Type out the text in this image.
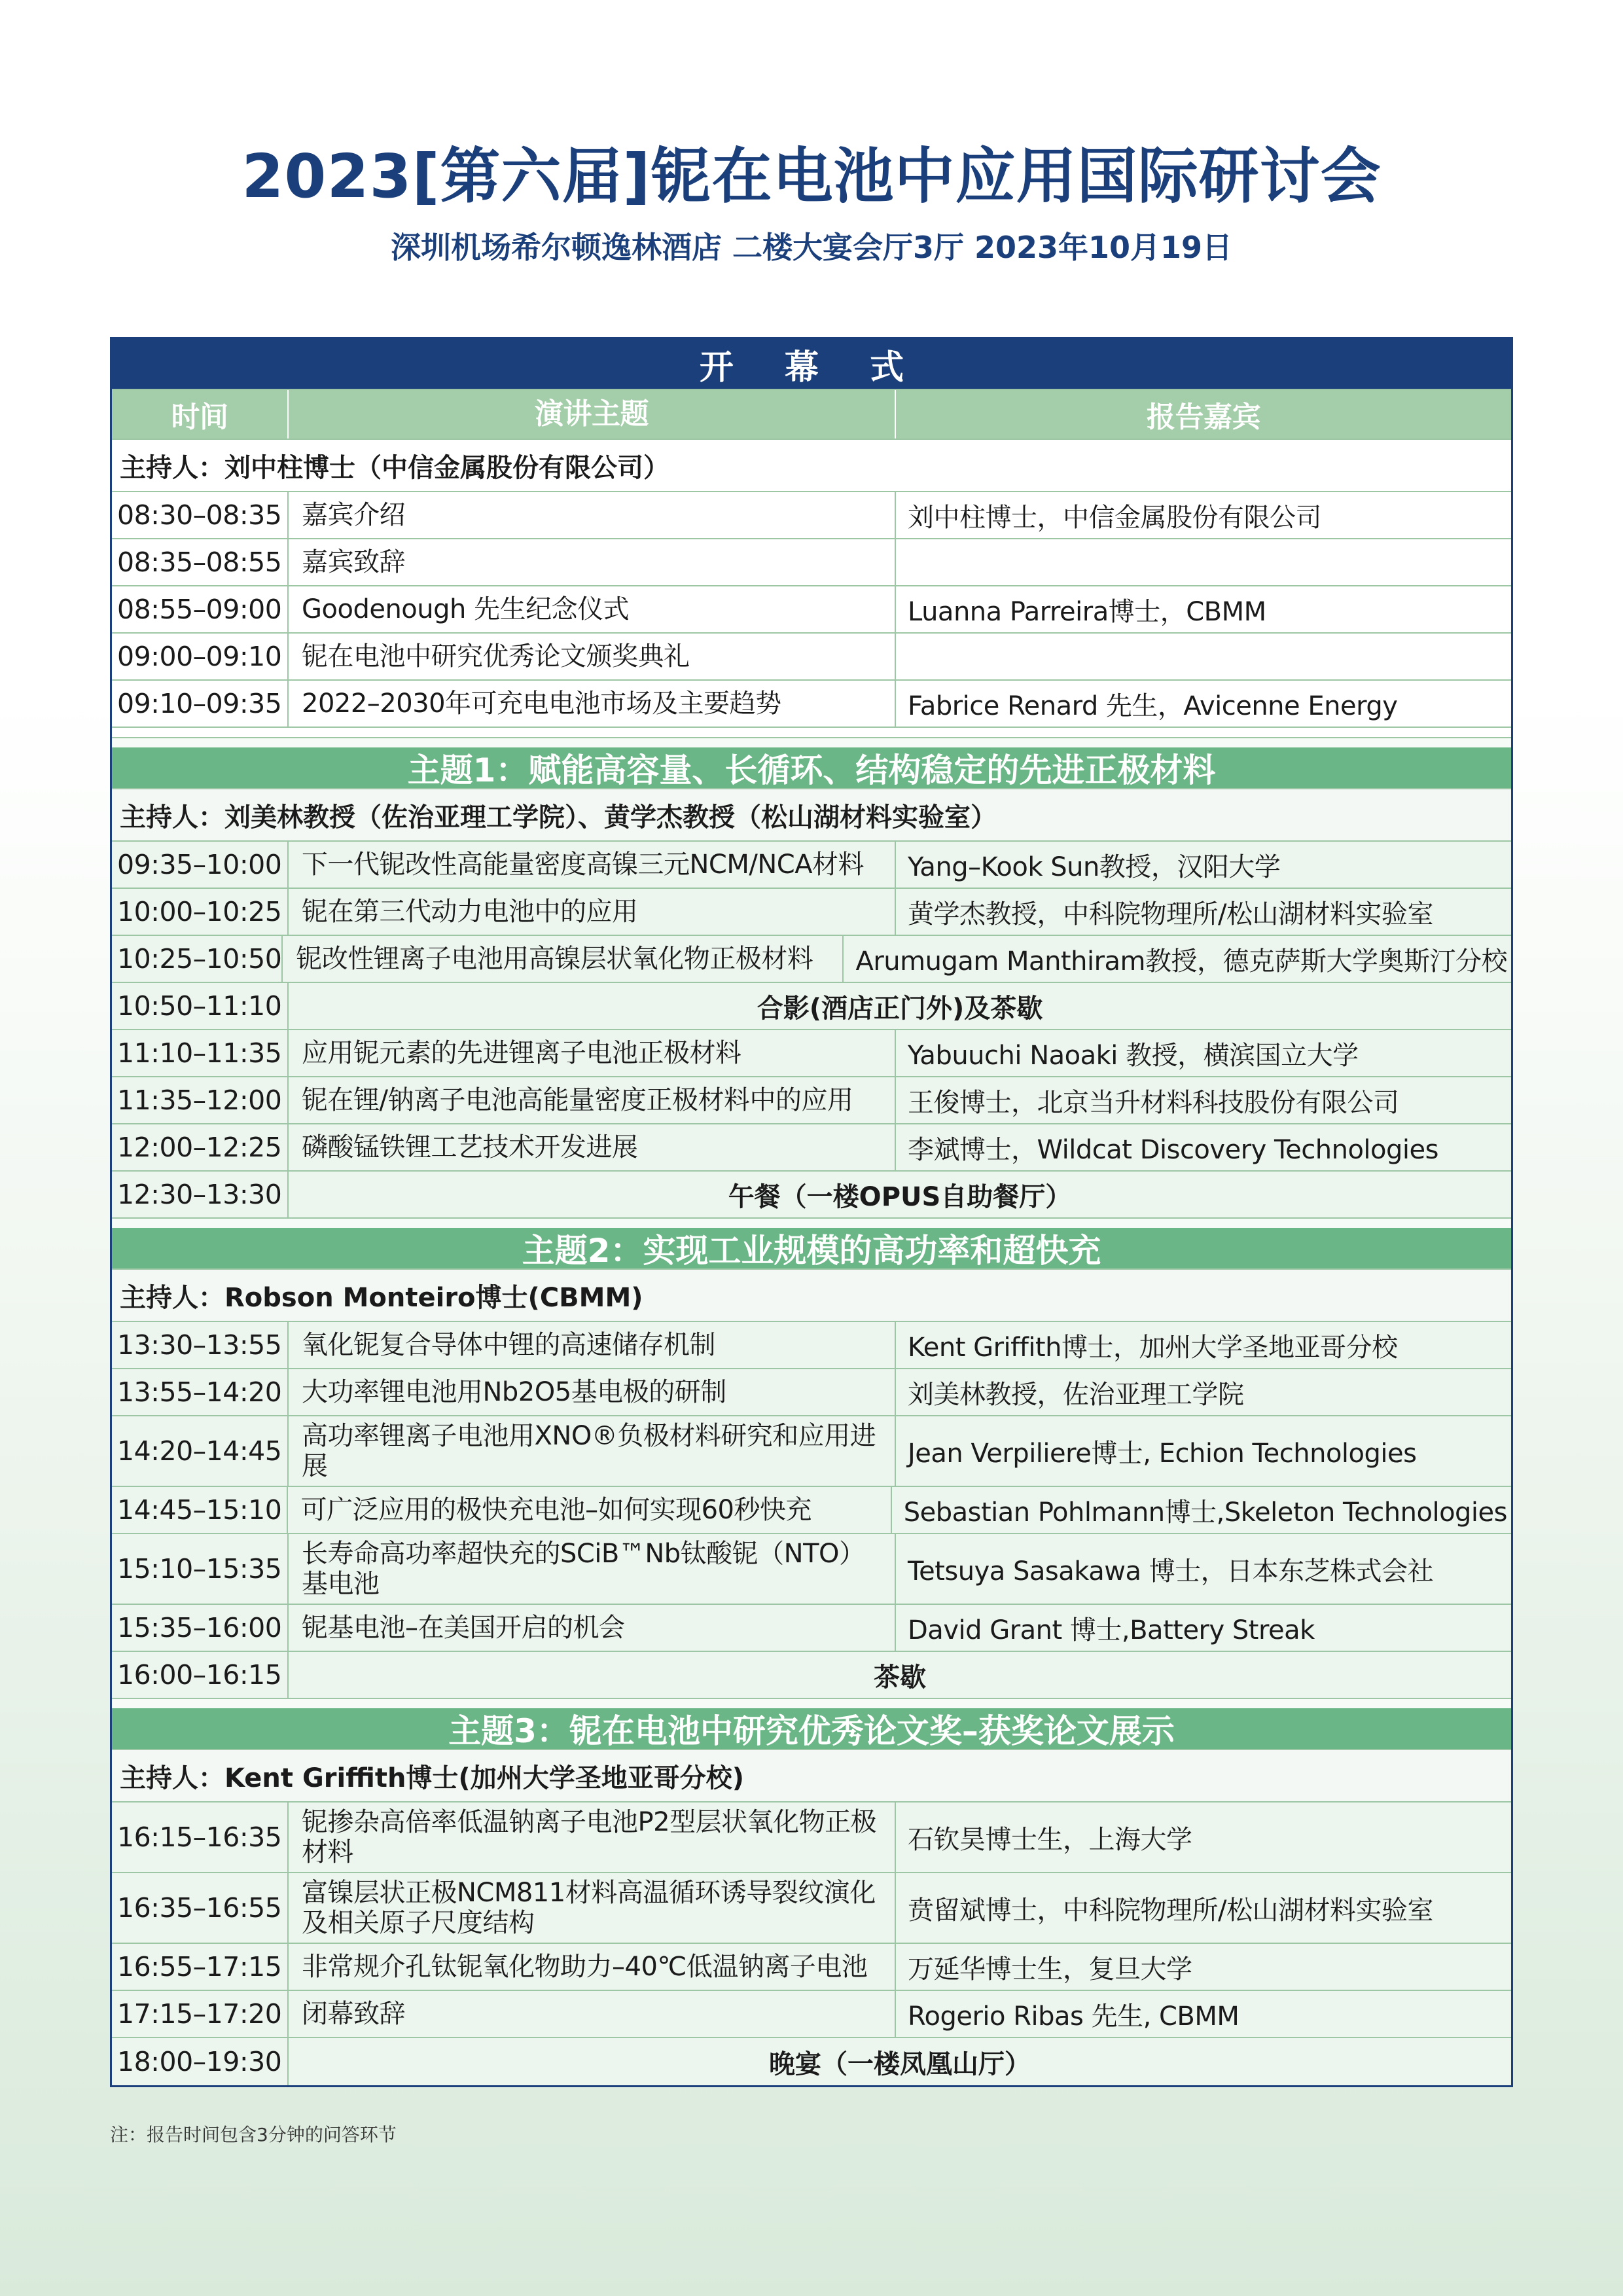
2023[第六届]铌在电池中应用国际研讨会
深圳机场希尔顿逸林酒店 二楼大宴会厅3厅 2023年10月19日
开 幕 式
时间	演讲主题	报告嘉宾
主持人：刘中柱博士（中信金属股份有限公司）
08:30–08:35 嘉宾介绍	刘中柱博士，中信金属股份有限公司
08:35–08:55 嘉宾致辞
08:55–09:00 Goodenough 先生纪念仪式	Luanna Parreira博士，CBMM
09:00–09:10 铌在电池中研究优秀论文颁奖典礼
09:10–09:35 2022–2030年可充电电池市场及主要趋势	Fabrice Renard 先生，Avicenne Energy
主题1：赋能高容量、长循环、结构稳定的先进正极材料
主持人：刘美林教授（佐治亚理工学院）、黄学杰教授（松山湖材料实验室）
09:35–10:00 下一代铌改性高能量密度高镍三元NCM/NCA材料	Yang–Kook Sun教授，汉阳大学
10:00–10:25 铌在第三代动力电池中的应用	黄学杰教授，中科院物理所/松山湖材料实验室
10:25–10:50 铌改性锂离子电池用高镍层状氧化物正极材料	Arumugam Manthiram教授，德克萨斯大学奥斯汀分校
10:50–11:10	合影(酒店正门外)及茶歇
11:10–11:35 应用铌元素的先进锂离子电池正极材料	Yabuuchi Naoaki 教授，横滨国立大学
11:35–12:00 铌在锂/钠离子电池高能量密度正极材料中的应用	王俊博士，北京当升材料科技股份有限公司
12:00–12:25 磷酸锰铁锂工艺技术开发进展	李斌博士，Wildcat Discovery Technologies
12:30–13:30	午餐（一楼OPUS自助餐厅）
主题2：实现工业规模的高功率和超快充
主持人：Robson Monteiro博士(CBMM)
13:30–13:55 氧化铌复合导体中锂的高速储存机制	Kent Griffith博士，加州大学圣地亚哥分校
13:55–14:20 大功率锂电池用Nb2O5基电极的研制	刘美林教授，佐治亚理工学院
14:20–14:45 高功率锂离子电池用XNO®负极材料研究和应用进展	Jean Verpiliere博士, Echion Technologies
14:45–15:10 可广泛应用的极快充电池–如何实现60秒快充	Sebastian Pohlmann博士,Skeleton Technologies
15:10–15:35 长寿命高功率超快充的SCiB™Nb钛酸铌（NTO）基电池	Tetsuya Sasakawa 博士，日本东芝株式会社
15:35–16:00 铌基电池–在美国开启的机会	David Grant 博士,Battery Streak
16:00–16:15	茶歇
主题3：铌在电池中研究优秀论文奖–获奖论文展示
主持人：Kent Griffith博士(加州大学圣地亚哥分校)
16:15–16:35 铌掺杂高倍率低温钠离子电池P2型层状氧化物正极材料	石钦昊博士生，上海大学
16:35–16:55 富镍层状正极NCM811材料高温循环诱导裂纹演化及相关原子尺度结构	贲留斌博士，中科院物理所/松山湖材料实验室
16:55–17:15 非常规介孔钛铌氧化物助力–40℃低温钠离子电池	万延华博士生，复旦大学
17:15–17:20 闭幕致辞	Rogerio Ribas 先生, CBMM
18:00–19:30	晚宴（一楼凤凰山厅）
注：报告时间包含3分钟的问答环节
